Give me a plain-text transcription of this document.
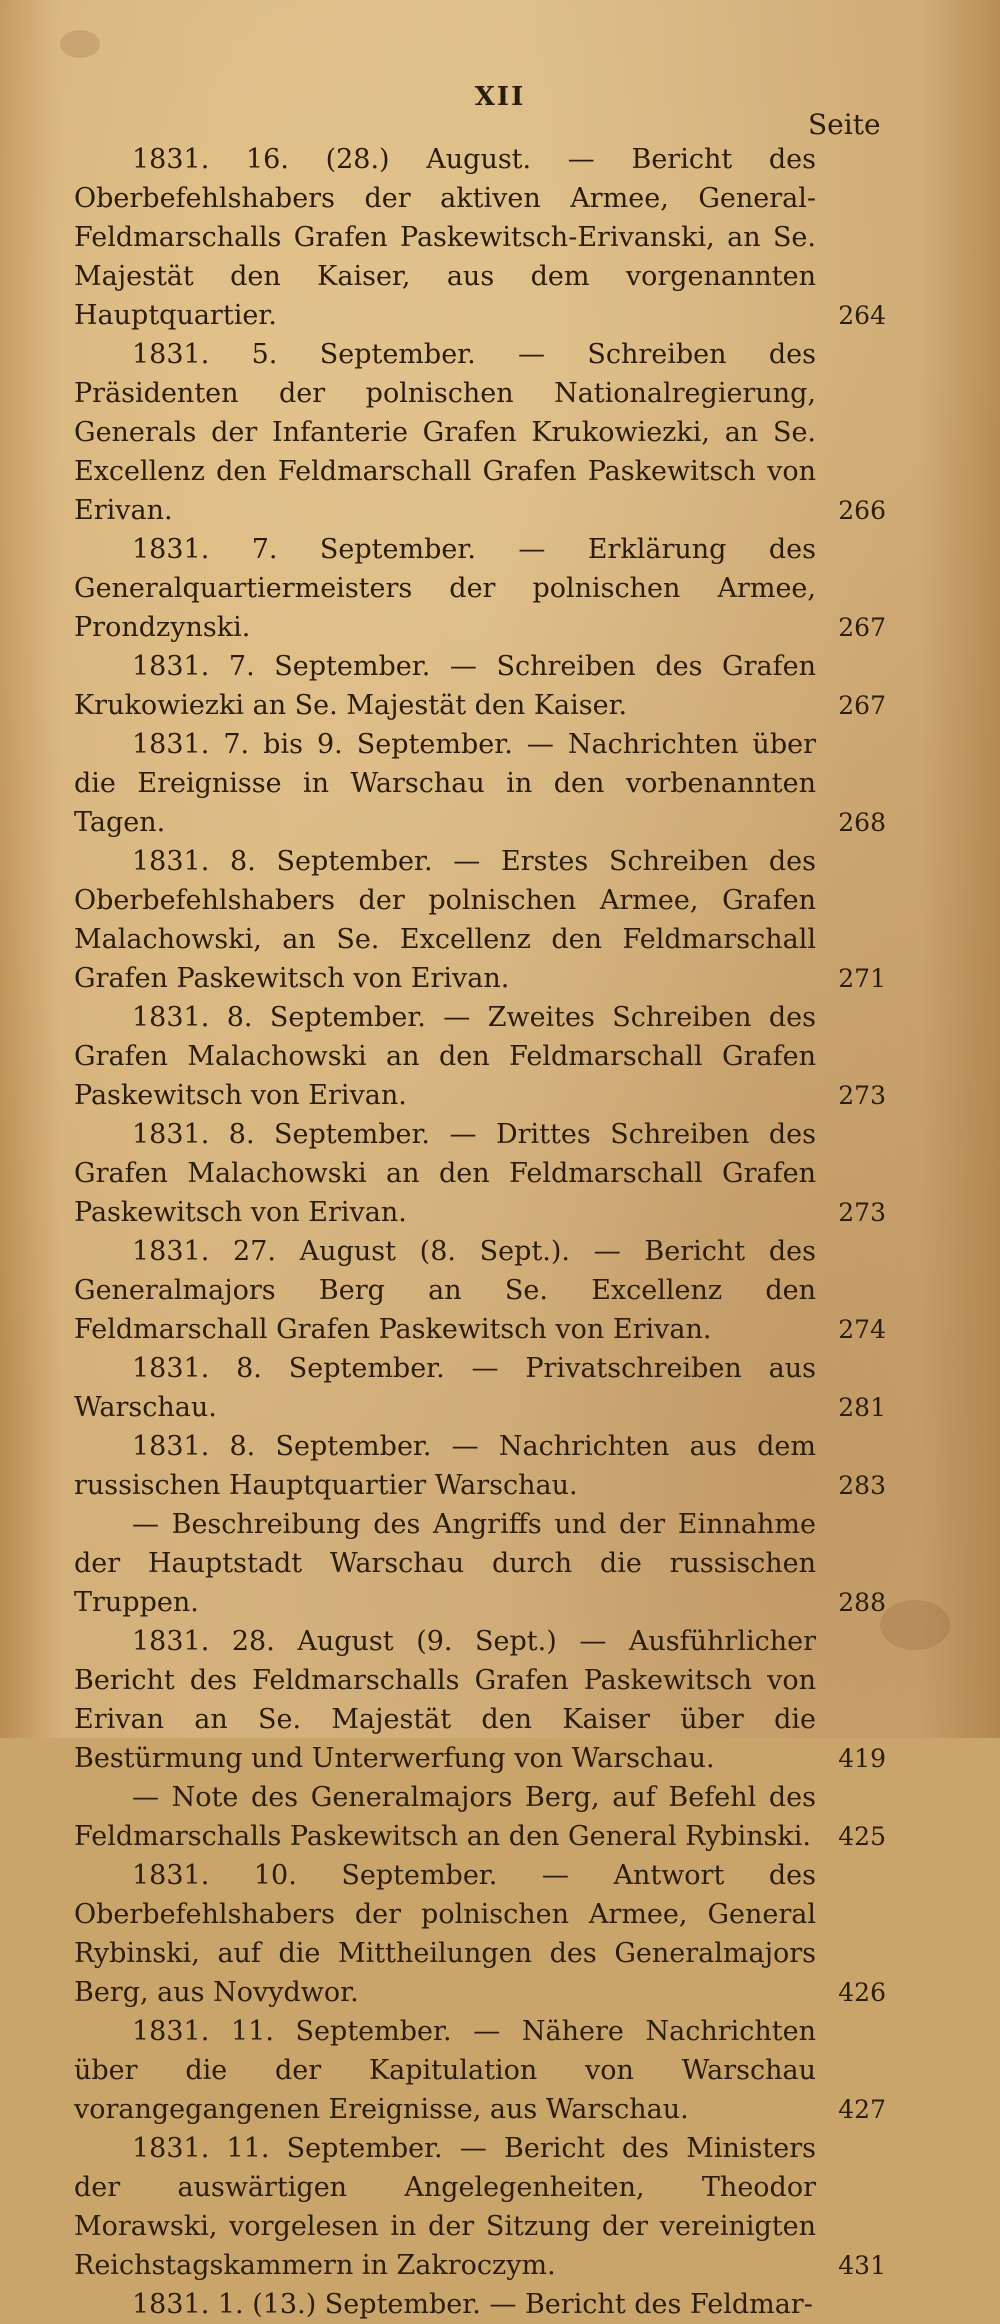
XII
Seite
1831. 16. (28.) August. — Bericht des Oberbefehlshabers der aktiven Armee, General-Feldmarschalls Grafen Paskewitsch-Erivanski, an Se. Majestät den Kaiser, aus dem vorgenannten Hauptquartier.	264
1831. 5. September. — Schreiben des Präsidenten der polnischen Nationalregierung, Generals der Infanterie Grafen Krukowiezki, an Se. Excellenz den Feldmarschall Grafen Paskewitsch von Erivan.	266
1831. 7. September. — Erklärung des Generalquartiermeisters der polnischen Armee, Prondzynski.	267
1831. 7. September. — Schreiben des Grafen Krukowiezki an Se. Majestät den Kaiser.	267
1831. 7. bis 9. September. — Nachrichten über die Ereignisse in Warschau in den vorbenannten Tagen.	268
1831. 8. September. — Erstes Schreiben des Oberbefehlshabers der polnischen Armee, Grafen Malachowski, an Se. Excellenz den Feldmarschall Grafen Paskewitsch von Erivan.	271
1831. 8. September. — Zweites Schreiben des Grafen Malachowski an den Feldmarschall Grafen Paskewitsch von Erivan.	273
1831. 8. September. — Drittes Schreiben des Grafen Malachowski an den Feldmarschall Grafen Paskewitsch von Erivan.	273
1831. 27. August (8. Sept.). — Bericht des Generalmajors Berg an Se. Excellenz den Feldmarschall Grafen Paskewitsch von Erivan.	274
1831. 8. September. — Privatschreiben aus Warschau.	281
1831. 8. September. — Nachrichten aus dem russischen Hauptquartier Warschau.	283
— Beschreibung des Angriffs und der Einnahme der Hauptstadt Warschau durch die russischen Truppen.	288
1831. 28. August (9. Sept.) — Ausführlicher Bericht des Feldmarschalls Grafen Paskewitsch von Erivan an Se. Majestät den Kaiser über die Bestürmung und Unterwerfung von Warschau.	419
— Note des Generalmajors Berg, auf Befehl des Feldmarschalls Paskewitsch an den General Rybinski. 425
1831. 10. September. — Antwort des Oberbefehlshabers der polnischen Armee, General Rybinski, auf die Mittheilungen des Generalmajors Berg, aus Novydwor.	426
1831. 11. September. — Nähere Nachrichten über die der Kapitulation von Warschau vorangegangenen Ereignisse, aus Warschau.	427
1831. 11. September. — Bericht des Ministers der auswärtigen Angelegenheiten, Theodor Morawski, vorgelesen in der Sitzung der vereinigten Reichstagskammern in Zakroczym.	431
1831. 1. (13.) September. — Bericht des Feldmar-
